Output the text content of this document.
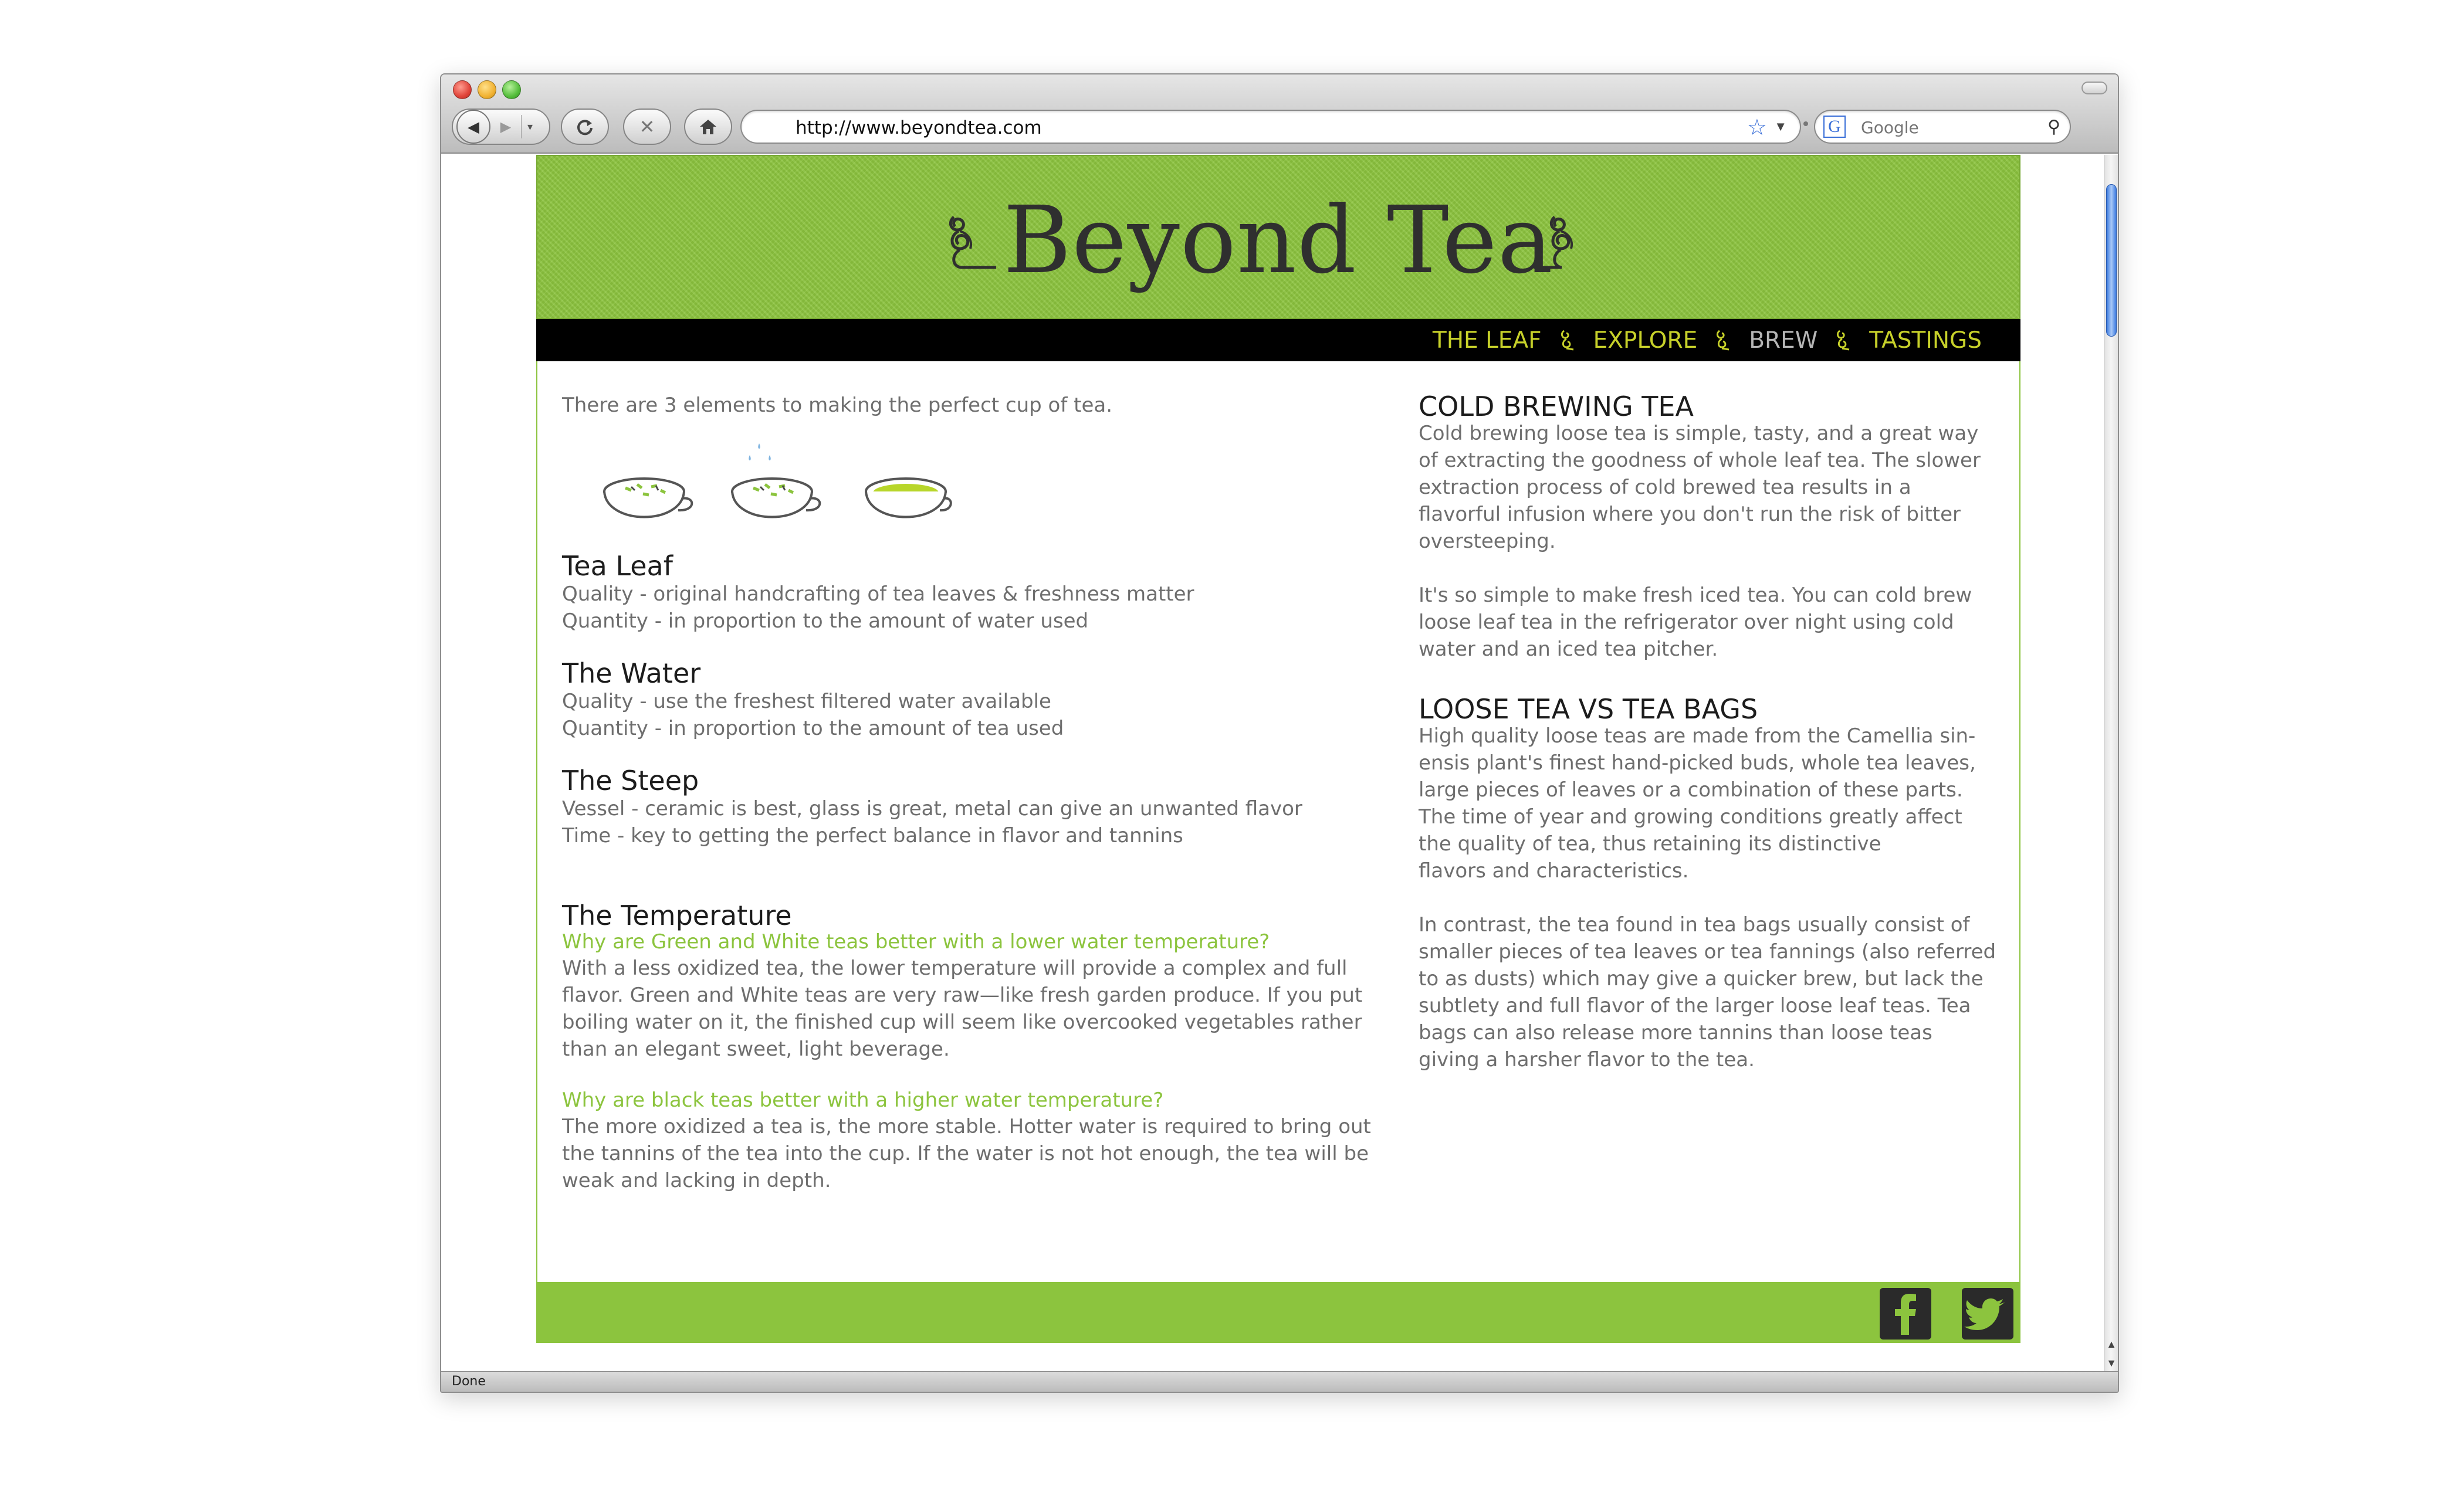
◀	▶	▾	✕	http://www.beyondtea.com	☆ ▼ G
Google	⚲
Beyond Tea
THE LEAF EXPLORE BREW TASTINGS
There are 3 elements to making the perfect cup of tea.
Tea Leaf
Quality - original handcrafting of tea leaves & freshness matter
Quantity - in proportion to the amount of water used
The Water
Quality - use the freshest filtered water available
Quantity - in proportion to the amount of tea used
The Steep
Vessel - ceramic is best, glass is great, metal can give an unwanted flavor
Time - key to getting the perfect balance in flavor and tannins
The Temperature
Why are Green and White teas better with a lower water temperature?
With a less oxidized tea, the lower temperature will provide a complex and full
flavor. Green and White teas are very raw—like fresh garden produce. If you put
boiling water on it, the finished cup will seem like overcooked vegetables rather
than an elegant sweet, light beverage.
Why are black teas better with a higher water temperature?
The more oxidized a tea is, the more stable. Hotter water is required to bring out
the tannins of the tea into the cup. If the water is not hot enough, the tea will be
weak and lacking in depth.
COLD BREWING TEA
Cold brewing loose tea is simple, tasty, and a great way
of extracting the goodness of whole leaf tea. The slower
extraction process of cold brewed tea results in a
flavorful infusion where you don't run the risk of bitter
oversteeping.
It's so simple to make fresh iced tea. You can cold brew
loose leaf tea in the refrigerator over night using cold
water and an iced tea pitcher.
LOOSE TEA VS TEA BAGS
High quality loose teas are made from the Camellia sin-
ensis plant's finest hand-picked buds, whole tea leaves,
large pieces of leaves or a combination of these parts.
The time of year and growing conditions greatly affect
the quality of tea, thus retaining its distinctive
flavors and characteristics.
In contrast, the tea found in tea bags usually consist of
smaller pieces of tea leaves or tea fannings (also referred
to as dusts) which may give a quicker brew, but lack the
subtlety and full flavor of the larger loose leaf teas. Tea
bags can also release more tannins than loose teas
giving a harsher flavor to the tea.
▲
▼
Done
